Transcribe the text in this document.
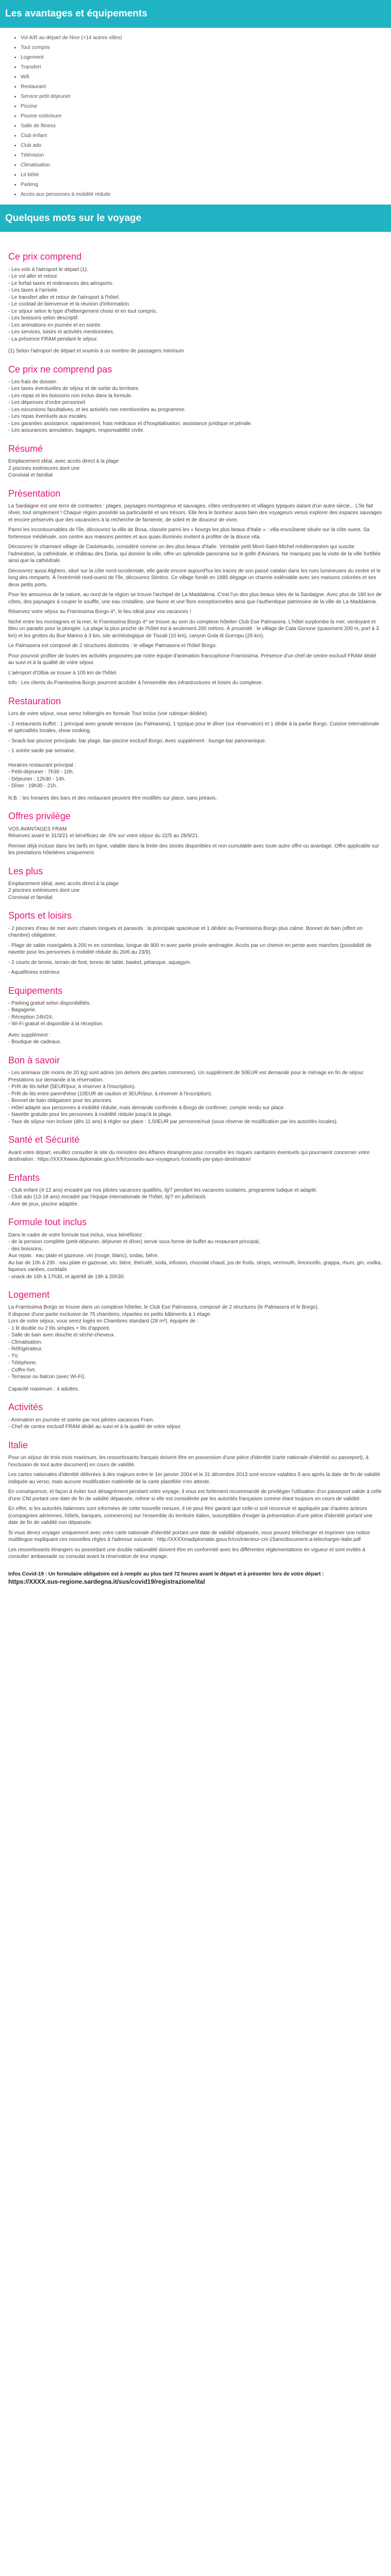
Les avantages et équipements
• Vol A/R au départ de Nice (+14 autres villes)
• Tout compris
• Logement
• Transfert
• Wifi
• Restaurant
• Service petit déjeuner
• Piscine
• Piscine extérieure
• Salle de fitness
• Club enfant
• Club ado
• Télévision
• Climatisation
• Lit bébé
• Parking
• Accès aux personnes à mobilité réduite
Quelques mots sur le voyage
Ce prix comprend

- Les vols à l'aéroport le départ (1).

- Le vol aller et retour.

- Le forfait taxes et redevances des aéroports.

- Les taxes à l'arrivée.

- Le transfert aller et retour de l'aéroport à l'hôtel.

- Le cocktail de bienvenue et la réunion d'information.

- Le séjour selon le type d'hébergement choisi et en tout compris.

- Les boissons selon descriptif.

- Les animations en journée et en soirée.

- Les services, loisirs et activités mentionnées.

- La présence FRAM pendant le séjour.

(1) Selon l'aéroport de départ et soumis à un nombre de passagers minimum

Ce prix ne comprend pas

- Les frais de dossier.

- Les taxes éventuelles de séjour et de sortie du territoire.

- Les repas et les boissons non inclus dans la formule.

- Les dépenses d'ordre personnel.

- Les excursions facultatives, et les activités non mentionnées au programme.

- Les repas éventuels aux escales.

- Les garanties assistance, rapatriement, frais médicaux et d'hospitalisation, assistance juridique et pénale.

- Les assurances annulation, bagages, responsabilité civile.

Résumé

Emplacement idéal, avec accès direct à la plage

2 piscines extérieures dont une

Convivial et familial

Présentation

La Sardaigne est une terre de contrastes : plages, paysages montagneux et sauvages, côtes verdoyantes et villages typiques datant d'un autre siècle... L'île fait rêver, tout simplement ! Chaque région possède sa particularité et ses trésors. Elle fera le bonheur aussi bien des voyageurs venus explorer des espaces sauvages et encore préservés que des vacanciers à la recherche de farniente, de soleil et de douceur de vivre.

Parmi les incontournables de l'île, découvrez la ville de Bosa, classée parmi les « bourgs les plus beaux d'Italie » : villa envoûtante située sur la côte ouest. Sa forteresse médiévale, son centre aux maisons peintes et aux quais illuminés invitent à profiter de la douce vita.

Découvrez le charmant village de Castelsardo, considéré comme un des plus beaux d'Italie. Véritable petit Mont-Saint-Michel méditerranéen qui suscite l'admiration, la cathédrale, le château des Doria, qui domine la ville, offre un splendide panorama sur le golfe d'Asinara. Ne manquez pas la visite de la ville fortifiée ainsi que la cathédrale.

Découvrez aussi Alghero, situé sur la côte nord-occidentale, elle garde encore aujourd'hui les traces de son passé catalan dans les rues lumineuses du centre et le long des remparts. À l'extrémité nord-ouest de l'île, découvrez Stintino. Ce village fondé en 1885 dégage un charme indéniable avec ses maisons colorées et ses deux petits ports.

Pour les amoureux de la nature, au nord de la région se trouve l'archipel de La Maddalena. C'est l'un des plus beaux sites de la Sardaigne. Avec plus de 180 km de côtes, des paysages à couper le souffle, une eau cristalline, une faune et une flore exceptionnelles ainsi que l'authentique patrimoine de la ville de La Maddalena.

Réservez votre séjour au Framissima Borgo 4*, le lieu idéal pour vos vacances !

Niché entre les montagnes et la mer, le Framissima Borgo 4* se trouve au sein du complexe hôtelier Club Ese Palmasera. L'hôtel surplombe la mer, verdoyant et bleu un paradis pour la plongée. La plage la plus proche de l'hôtel est à seulement 200 mètres. À proximité : le village de Cala Gonone (quasiment 200 m, port à 3 km) et les grottes du Bue Marino à 3 km, site archéologique de Tiscali (10 km), canyon Gola di Gorropu (25 km).

Le Palmasera est composé de 2 structures distinctes : le village Palmasera et l'hôtel Borgo.

Pour pourvoir profiter de toutes les activités proposées par notre équipe d'animation francophone Framissima. Présence d'un chef de centre exclusif FRAM dédié au suivi et à la qualité de votre séjour.

L'aéroport d'Olbia se trouve à 105 km de l'hôtel.

Info : Les clients du Framissima Borgo pourront accéder à l'ensemble des infrastructures et loisirs du complexe.

Restauration

Lors de votre séjour, vous serez hébergés en formule Tout Inclus (voir rubrique dédiée).

- 2 restaurants buffet : 1 principal avec grande terrasse (au Palmasera), 1 typique pour le dîner (sur réservation) et 1 dédié à la partie Borgo. Cuisine internationale et spécialités locales, show cooking.

- Snack-bar piscine principale, bar plage, bar-piscine exclusif Borgo. Avec supplément : lounge-bar panoramique.

- 1 soirée sarde par semaine.

Horaires restaurant principal :

- Petit-déjeuner : 7h30 - 10h.

- Déjeuner : 12h30 - 14h.

- Dîner : 19h30 - 21h.

N.B. : les horaires des bars et des restaurant peuvent être modifiés sur place, sans préavis.

Offres privilège

VOS AVANTAGES FRAM

Réservez avant le 31/3/21 et bénéficiez de -5% sur votre séjour du 22/5 au 28/9/21.

Remise déjà incluse dans les tarifs en ligne, valable dans la limite des stocks disponibles et non cumulable avec toute autre offre ou avantage. Offre applicable sur les prestations hôtelières uniquement.

Les plus

Emplacement idéal, avec accès direct à la plage

2 piscines extérieures dont une

Convivial et familial

Sports et loisirs

- 2 piscines d'eau de mer avec chaises longues et parasols : la principale spacieuse et 1 dédiée au Framissima Borgo plus calme. Bonnet de bain (offert en chambre) obligatoire.

- Plage de sable rose/galets à 200 m en contrebas, longue de 800 m avec partie privée aménagée. Accès par un chemin en pente avec marches (possibilité de navette pour les personnes à mobilité réduite du 20/6 au 23/9).

- 2 courts de tennis, terrain de foot, tennis de table, basket, pétanque, aquagym.

- Aquafitness extérieur.

Equipements

- Parking gratuit selon disponibilités.

- Bagagerie.

- Réception 24h/24.

- Wi-Fi gratuit et disponible à la réception.

Avec supplément :

- Boutique de cadeaux.

Bon à savoir

- Les animaux (de moins de 20 kg) sont admis (en dehors des parties communes). Un supplément de 50EUR est demandé pour le ménage en fin de séjour. Prestations sur demande à la réservation.

- Prêt de lits bébé (5EUR/jour, à réserver à l'inscription).

- Prêt de lits entre parenthèse (10EUR de caution et 3EUR/jour, à réserver à l'inscription).

- Bonnet de bain obligatoire pour les piscines.

- Hôtel adapté aux personnes à mobilité réduite, mais demande confirmée à Borgo de confirmer, compte rendu sur place.

- Navette gratuite pour les personnes à mobilité réduite jusqu'à la plage.

- Taxe de séjour non incluse (dès 11 ans) à régler sur place : 1,50EUR par personne/nuit (sous réserve de modification par les autorités locales).

Santé et Sécurité

Avant votre départ, veuillez consulter le site du ministère des Affaires étrangères pour connaître les risques sanitaires éventuels qui pourraient concerner votre destination : https://XXXXwww.diplomatie.gouv.fr/fr/conseils-aux-voyageurs /conseils-par-pays-destination/

Enfants

- Club enfant (4-12 ans) encadré par nos pilotes vacances qualifiés, 6j/7 pendant les vacances scolaires, programme ludique et adapté.

- Club ado (13-18 ans) encadré par l'équipe internationale de l'hôtel, 6j/7 en juillet/août.

- Aire de jeux, piscine adaptée.

Formule tout inclus

Dans le cadre de votre formule tout inclus, vous bénéficiez :

- de la pension complète (petit-déjeuner, déjeuner et dîner) servie sous forme de buffet au restaurant principal,

- des boissons,

Aux repas : eau plate et gazeuse, vin (rouge, blanc), sodas, bière.

Au bar de 10h à 23h : eau plate et gazeuse, vin, bière, thé/café, soda, infusion, chocolat chaud, jus de fruits, sirops, vermouth, limoncello, grappa, rhum, gin, vodka, liqueurs variées, cocktails

- snack de 16h à 17h30, et apéritif de 19h à 20h30.

Logement

La Framissima Borgo se trouve dans un complexe hôtelier, le Club Ese Palmasera, composé de 2 structures (le Palmasera et le Borgo).

Il dispose d'une partie exclusive de 75 chambres, réparties en petits bâtiments à 1 étage.

Lors de votre séjour, vous serez logés en Chambres standard (28 m²), équipée de :

- 1 lit double ou 2 lits simples + lits d'appoint.

- Salle de bain avec douche et sèche-cheveux.

- Climatisation.

- Réfrigérateur.

- TV.

- Téléphone.

- Coffre-fort.

- Terrasse ou balcon (avec Wi-Fi).

Capacité maximum : 4 adultes.

Activités

- Animation en journée et soirée par nos pilotes vacances Fram.

- Chef de centre exclusif FRAM dédié au suivi et à la qualité de votre séjour.

Italie

Pour un séjour de trois mois maximum, les ressortissants français doivent être en possession d'une pièce d'identité (carte nationale d'identité ou passeport), à l'exclusion de tout autre document) en cours de validité.

Les cartes nationales d'identité délivrées à des majeurs entre le 1er janvier 2004 et le 31 décembre 2013 sont encore valables 5 ans après la date de fin de validité indiquée au verso, mais aucune modification matérielle de la carte plastifiée n'en atteste.

En conséquence, et façon à éviter tout désagrément pendant votre voyage, il vous est fortement recommandé de privilégier l'utilisation d'un passeport valide à celle d'une CNI portant une date de fin de validité dépassée, même si elle est considérée par les autorités françaises comme étant toujours en cours de validité.

En effet, si les autorités italiennes sont informées de cette nouvelle mesure, il ne peut être garanti que celle-ci soit reconnue et appliquée par d'autres acteurs (compagnies aériennes, hôtels, banques, commerces) sur l'ensemble du territoire italien, susceptibles d'exiger la présentation d'une pièce d'identité portant une date de fin de validité non dépassée.

Si vous devez voyager uniquement avec votre carte nationale d'identité portant une date de validité dépassée, vous pouvez télécharger et imprimer une notice multilingue expliquant ces nouvelles règles à l'adresse suivante : http://XXXXmadiplomatie.gouv.fr/cni/interieur-cni-15ans/document-a-telecharger-italie.pdf

Les ressortissants étrangers ou possédant une double nationalité doivent être en conformité avec les différentes réglementations en vigueur et sont invités à consulter ambassade ou consulat avant la réservation de leur voyage.

Infos Covid-19 : Un formulaire obligatoire est à remplir au plus tard 72 heures avant le départ et à présenter lors de votre départ :

https://XXXX.sus-regione.sardegna.it/sus/covid19/registrazione/ital
